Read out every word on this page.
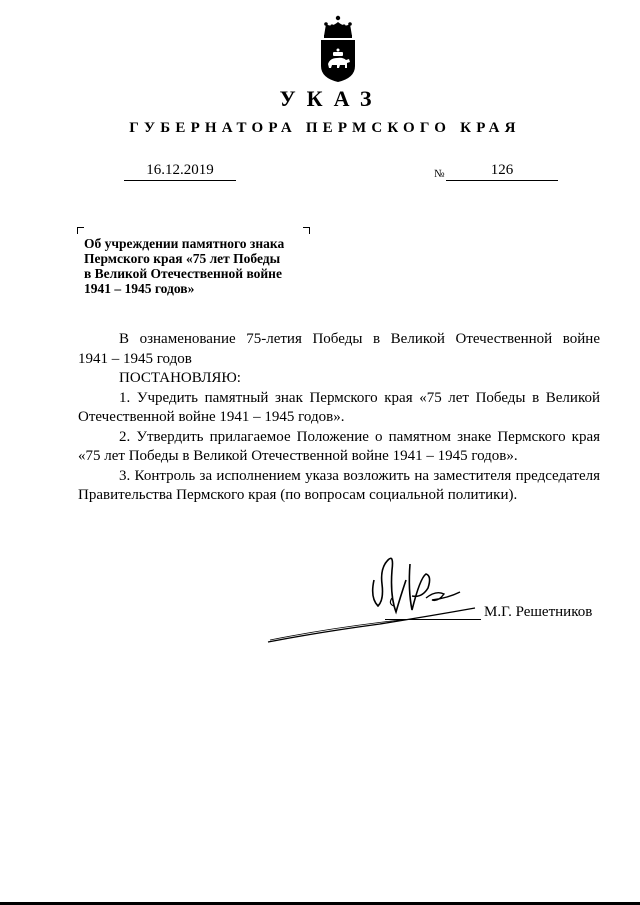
УКАЗ
ГУБЕРНАТОРА ПЕРМСКОГО КРАЯ
16.12.2019	№	126
Об учреждении памятного знака
Пермского края «75 лет Победы
в Великой Отечественной войне
1941 – 1945 годов»

В ознаменование 75-летия Победы в Великой Отечественной войне

1941 – 1945 годов

ПОСТАНОВЛЯЮ:

1. Учредить памятный знак Пермского края «75 лет Победы в Великой

Отечественной войне 1941 – 1945 годов».

2. Утвердить прилагаемое Положение о памятном знаке Пермского края

«75 лет Победы в Великой Отечественной войне 1941 – 1945 годов».

3. Контроль за исполнением указа возложить на заместителя председателя Правительства Пермского края (по вопросам социальной политики).

М.Г. Решетников
